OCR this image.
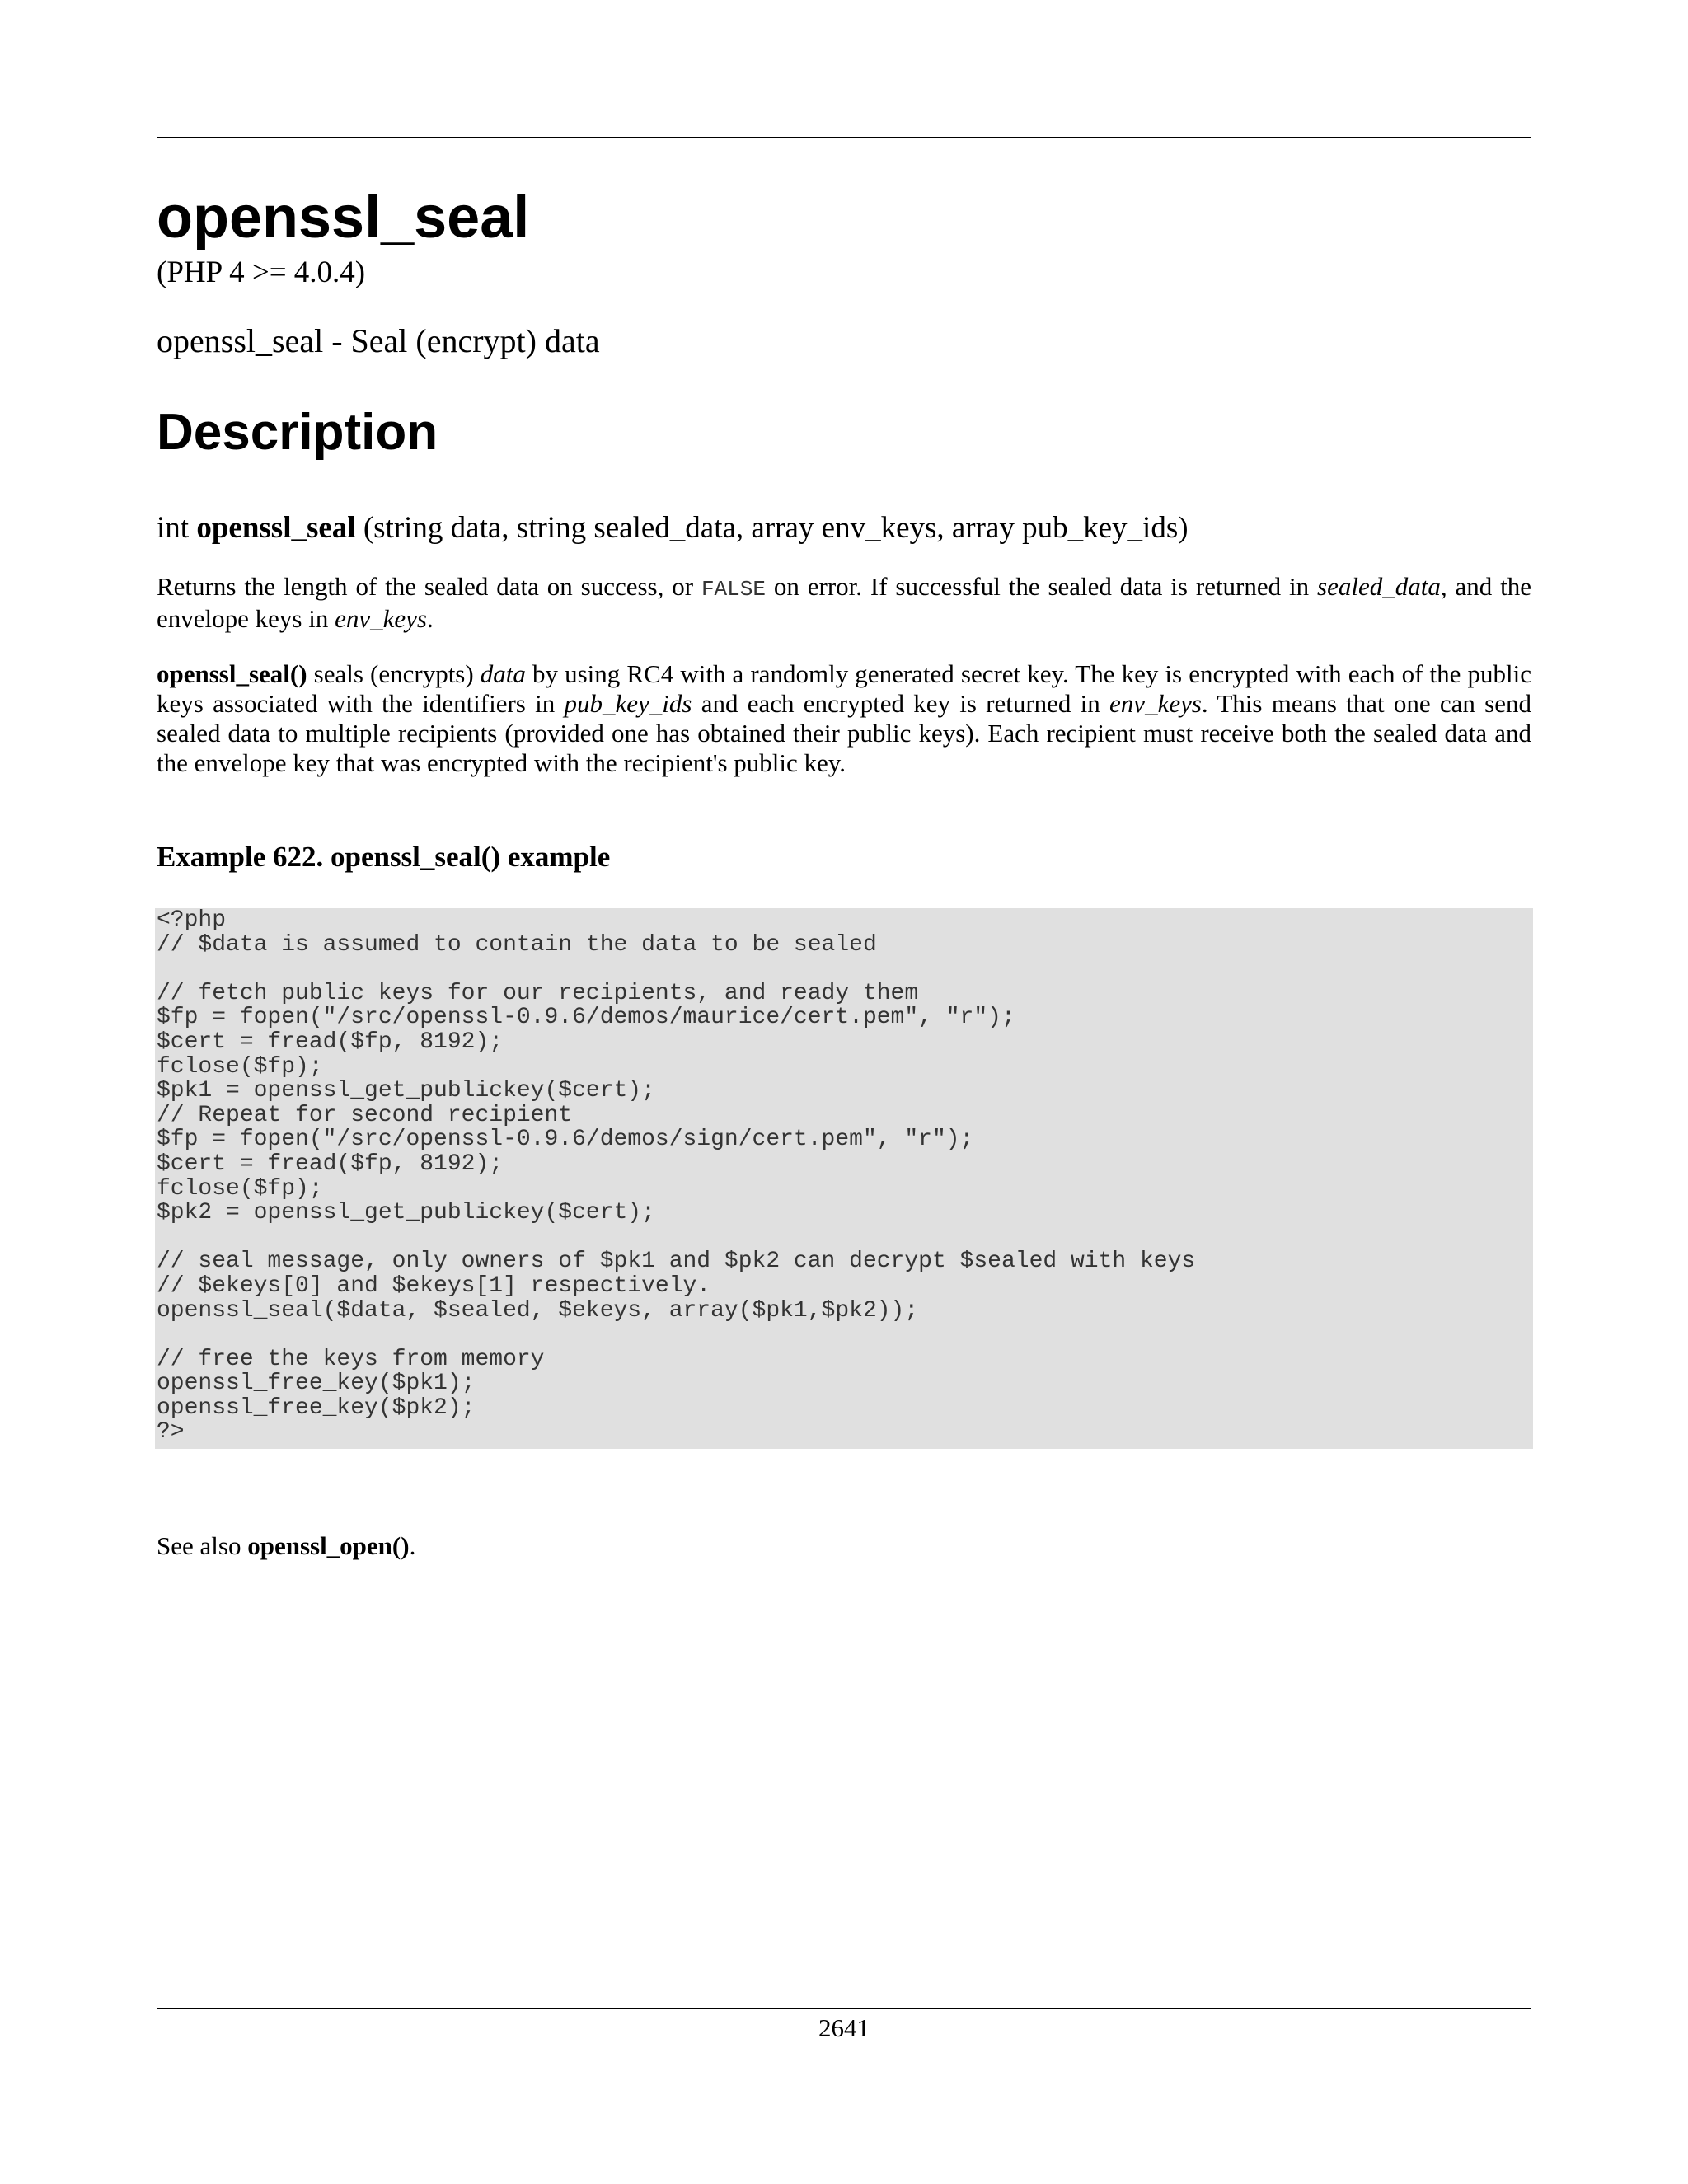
openssl_seal
(PHP 4 >= 4.0.4)
openssl_seal - Seal (encrypt) data
Description
int openssl_seal (string data, string sealed_data, array env_keys, array pub_key_ids)

Returns the length of the sealed data on success, or FALSE on error. If successful the sealed data is returned in sealed_data, and the envelope keys in env_keys.

openssl_seal() seals (encrypts) data by using RC4 with a randomly generated secret key. The key is encrypted with each of the public keys associated with the identifiers in pub_key_ids and each encrypted key is returned in env_keys. This means that one can send sealed data to multiple recipients (provided one has obtained their public keys). Each recipient must receive both the sealed data and the envelope key that was encrypted with the recipient's public key.

Example 622. openssl_seal() example
<?php
// $data is assumed to contain the data to be sealed

// fetch public keys for our recipients, and ready them
$fp = fopen("/src/openssl-0.9.6/demos/maurice/cert.pem", "r");
$cert = fread($fp, 8192);
fclose($fp);
$pk1 = openssl_get_publickey($cert);
// Repeat for second recipient
$fp = fopen("/src/openssl-0.9.6/demos/sign/cert.pem", "r");
$cert = fread($fp, 8192);
fclose($fp);
$pk2 = openssl_get_publickey($cert);

// seal message, only owners of $pk1 and $pk2 can decrypt $sealed with keys
// $ekeys[0] and $ekeys[1] respectively.
openssl_seal($data, $sealed, $ekeys, array($pk1,$pk2));

// free the keys from memory
openssl_free_key($pk1);
openssl_free_key($pk2);
?>

See also openssl_open().

2641
